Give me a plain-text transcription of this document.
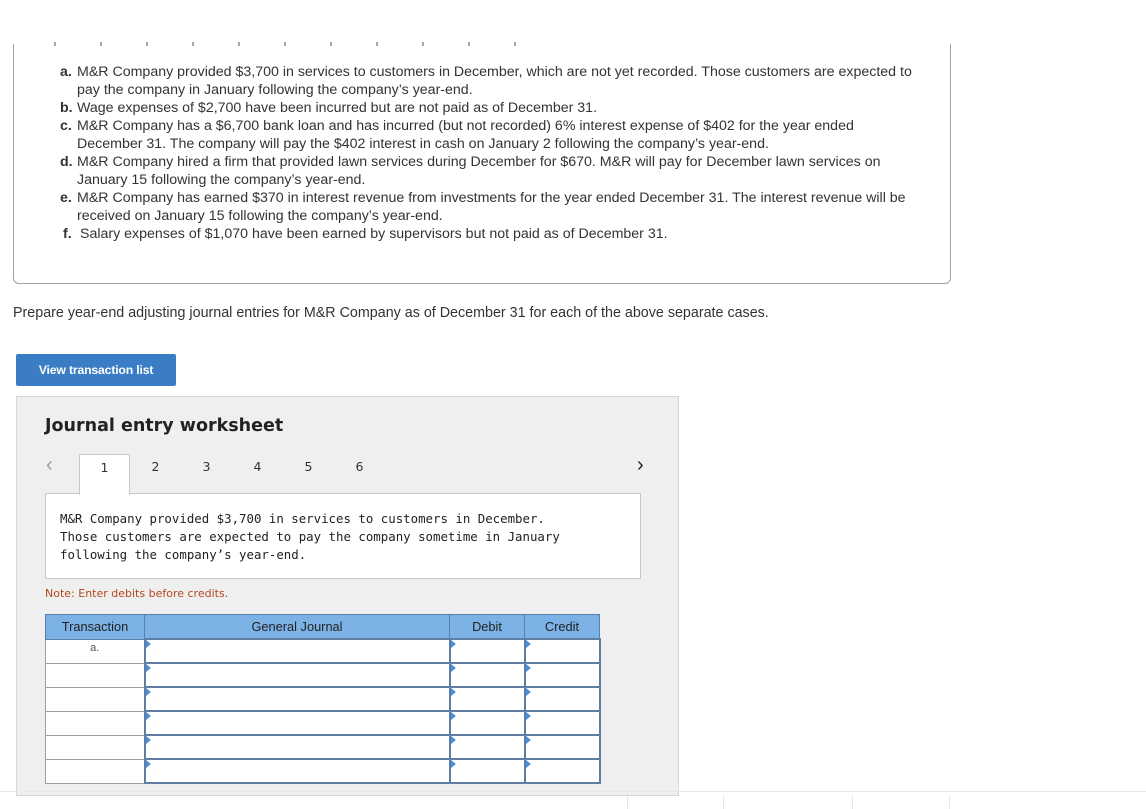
a. M&R Company provided $3,700 in services to customers in December, which are not yet recorded. Those customers are expected to pay the company in January following the company’s year-end.
b. Wage expenses of $2,700 have been incurred but are not paid as of December 31.
c. M&R Company has a $6,700 bank loan and has incurred (but not recorded) 6% interest expense of $402 for the year ended December 31. The company will pay the $402 interest in cash on January 2 following the company’s year-end.
d. M&R Company hired a firm that provided lawn services during December for $670. M&R will pay for December lawn services on January 15 following the company’s year-end.
e. M&R Company has earned $370 in interest revenue from investments for the year ended December 31. The interest revenue will be received on January 15 following the company’s year-end.
f. Salary expenses of $1,070 have been earned by supervisors but not paid as of December 31.
Prepare year-end adjusting journal entries for M&R Company as of December 31 for each of the above separate cases.
View transaction list
Journal entry worksheet
‹	1	2	3	4	5	6	›
M&R Company provided $3,700 in services to customers in December. Those customers are expected to pay the company sometime in January following the company’s year-end.
Note: Enter debits before credits.
Transaction	General Journal	Debit	Credit
a.			
